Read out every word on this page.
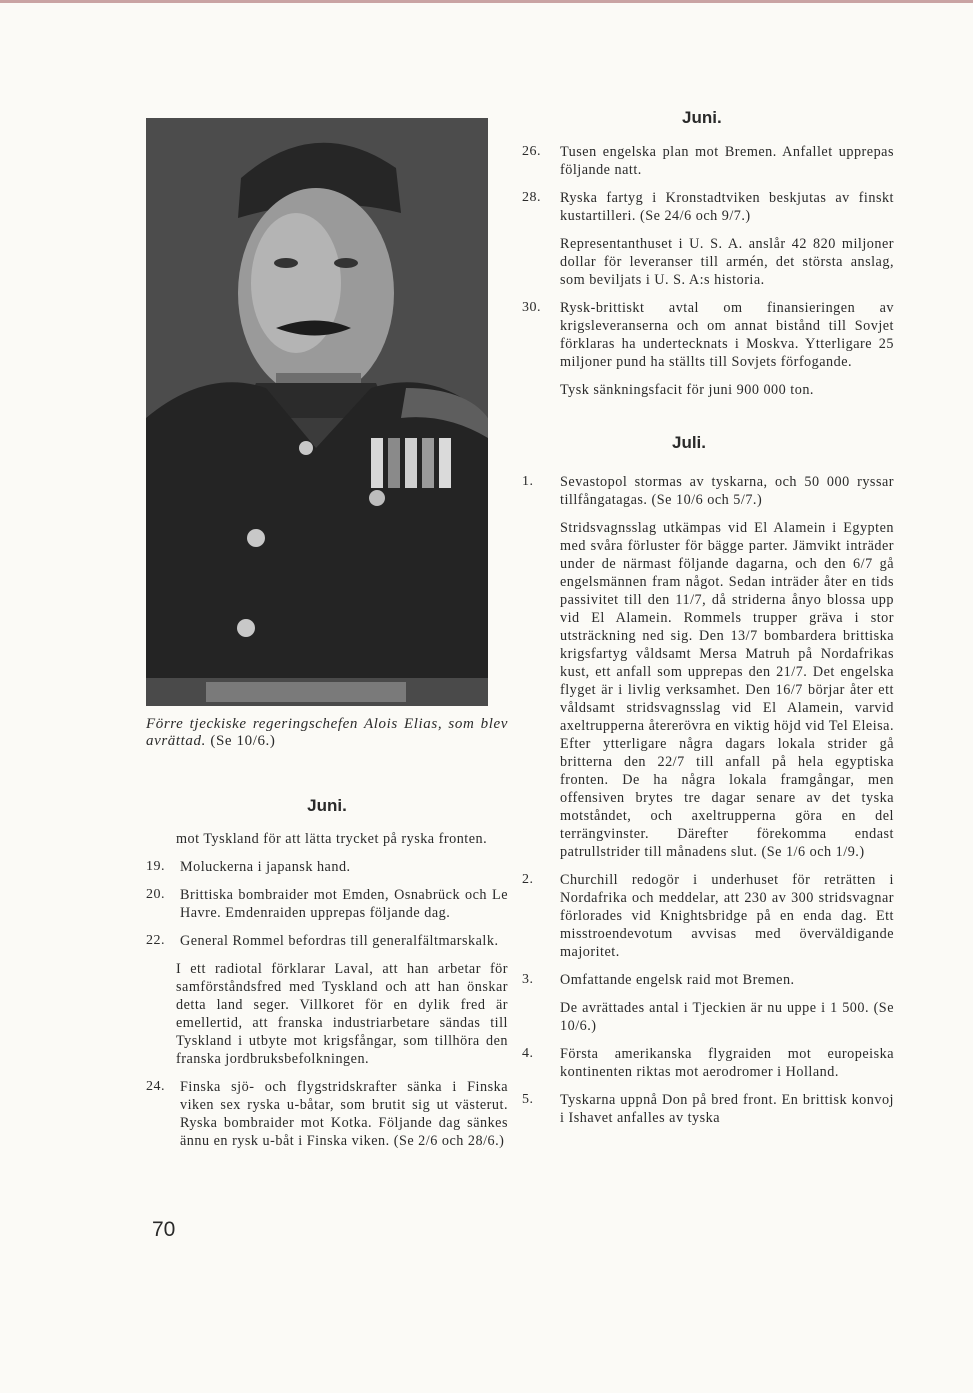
Förre tjeckiske regeringschefen Alois Elias, som blev avrättad. (Se 10/6.)

Juni.

mot Tyskland för att lätta trycket på ryska fronten.

19.	Moluckerna i japansk hand.
20.	Brittiska bombraider mot Emden, Osnabrück och Le Havre. Emdenraiden upprepas följande dag.
22.	General Rommel befordras till generalfältmarskalk.

I ett radiotal förklarar Laval, att han arbetar för samförståndsfred med Tyskland och att han önskar detta land seger. Villkoret för en dylik fred är emellertid, att franska industriarbetare sändas till Tyskland i utbyte mot krigsfångar, som tillhöra den franska jordbruksbefolkningen.

24.	Finska sjö- och flygstridskrafter sänka i Finska viken sex ryska u-båtar, som brutit sig ut västerut. Ryska bombraider mot Kotka. Följande dag sänkes ännu en rysk u-båt i Finska viken. (Se 2/6 och 28/6.)
Juni.
26.	Tusen engelska plan mot Bremen. Anfallet upprepas följande natt.
28.	Ryska fartyg i Kronstadtviken beskjutas av finskt kustartilleri. (Se 24/6 och 9/7.)

Representanthuset i U. S. A. anslår 42 820 miljoner dollar för leveranser till armén, det största anslag, som beviljats i U. S. A:s historia.

30.	Rysk-brittiskt avtal om finansieringen av krigsleveranserna och om annat bistånd till Sovjet förklaras ha undertecknats i Moskva. Ytterligare 25 miljoner pund ha ställts till Sovjets förfogande.

Tysk sänkningsfacit för juni 900 000 ton.

Juli.
1.	Sevastopol stormas av tyskarna, och 50 000 ryssar tillfångatagas. (Se 10/6 och 5/7.)

Stridsvagnsslag utkämpas vid El Alamein i Egypten med svåra förluster för bägge parter. Jämvikt inträder under de närmast följande dagarna, och den 6/7 gå engelsmännen fram något. Sedan inträder åter en tids passivitet till den 11/7, då striderna ånyo blossa upp vid El Alamein. Rommels trupper gräva i stor utsträckning ned sig. Den 13/7 bombardera brittiska krigsfartyg våldsamt Mersa Matruh på Nordafrikas kust, ett anfall som upprepas den 21/7. Det engelska flyget är i livlig verksamhet. Den 16/7 börjar åter ett våldsamt stridsvagnsslag vid El Alamein, varvid axeltrupperna återerövra en viktig höjd vid Tel Eleisa. Efter ytterligare några dagars lokala strider gå britterna den 22/7 till anfall på hela egyptiska fronten. De ha några lokala framgångar, men offensiven brytes tre dagar senare av det tyska motståndet, och axeltrupperna göra en del terrängvinster. Därefter förekomma endast patrullstrider till månadens slut. (Se 1/6 och 1/9.)

2.	Churchill redogör i underhuset för reträtten i Nordafrika och meddelar, att 230 av 300 stridsvagnar förlorades vid Knightsbridge på en enda dag. Ett misstroendevotum avvisas med överväldigande majoritet.
3.	Omfattande engelsk raid mot Bremen.

De avrättades antal i Tjeckien är nu uppe i 1 500. (Se 10/6.)

4.	Första amerikanska flygraiden mot europeiska kontinenten riktas mot aerodromer i Holland.
5.	Tyskarna uppnå Don på bred front. En brittisk konvoj i Ishavet anfalles av tyska
70
